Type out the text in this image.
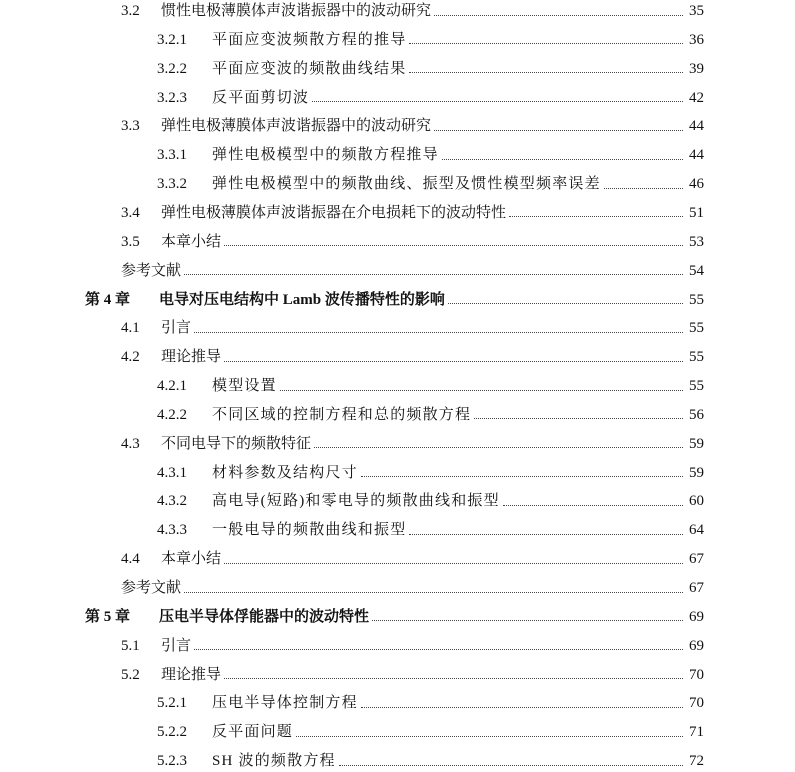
3.2	惯性电极薄膜体声波谐振器中的波动研究	35
3.2.1	平面应变波频散方程的推导	36
3.2.2	平面应变波的频散曲线结果	39
3.2.3	反平面剪切波	42
3.3	弹性电极薄膜体声波谐振器中的波动研究	44
3.3.1	弹性电极模型中的频散方程推导	44
3.3.2	弹性电极模型中的频散曲线、振型及惯性模型频率误差	46
3.4	弹性电极薄膜体声波谐振器在介电损耗下的波动特性	51
3.5	本章小结	53
参考文献	54
第 4 章	电导对压电结构中 Lamb 波传播特性的影响	55
4.1	引言	55
4.2	理论推导	55
4.2.1	模型设置	55
4.2.2	不同区域的控制方程和总的频散方程	56
4.3	不同电导下的频散特征	59
4.3.1	材料参数及结构尺寸	59
4.3.2	高电导(短路)和零电导的频散曲线和振型	60
4.3.3	一般电导的频散曲线和振型	64
4.4	本章小结	67
参考文献	67
第 5 章	压电半导体俘能器中的波动特性	69
5.1	引言	69
5.2	理论推导	70
5.2.1	压电半导体控制方程	70
5.2.2	反平面问题	71
5.2.3	SH 波的频散方程	72
